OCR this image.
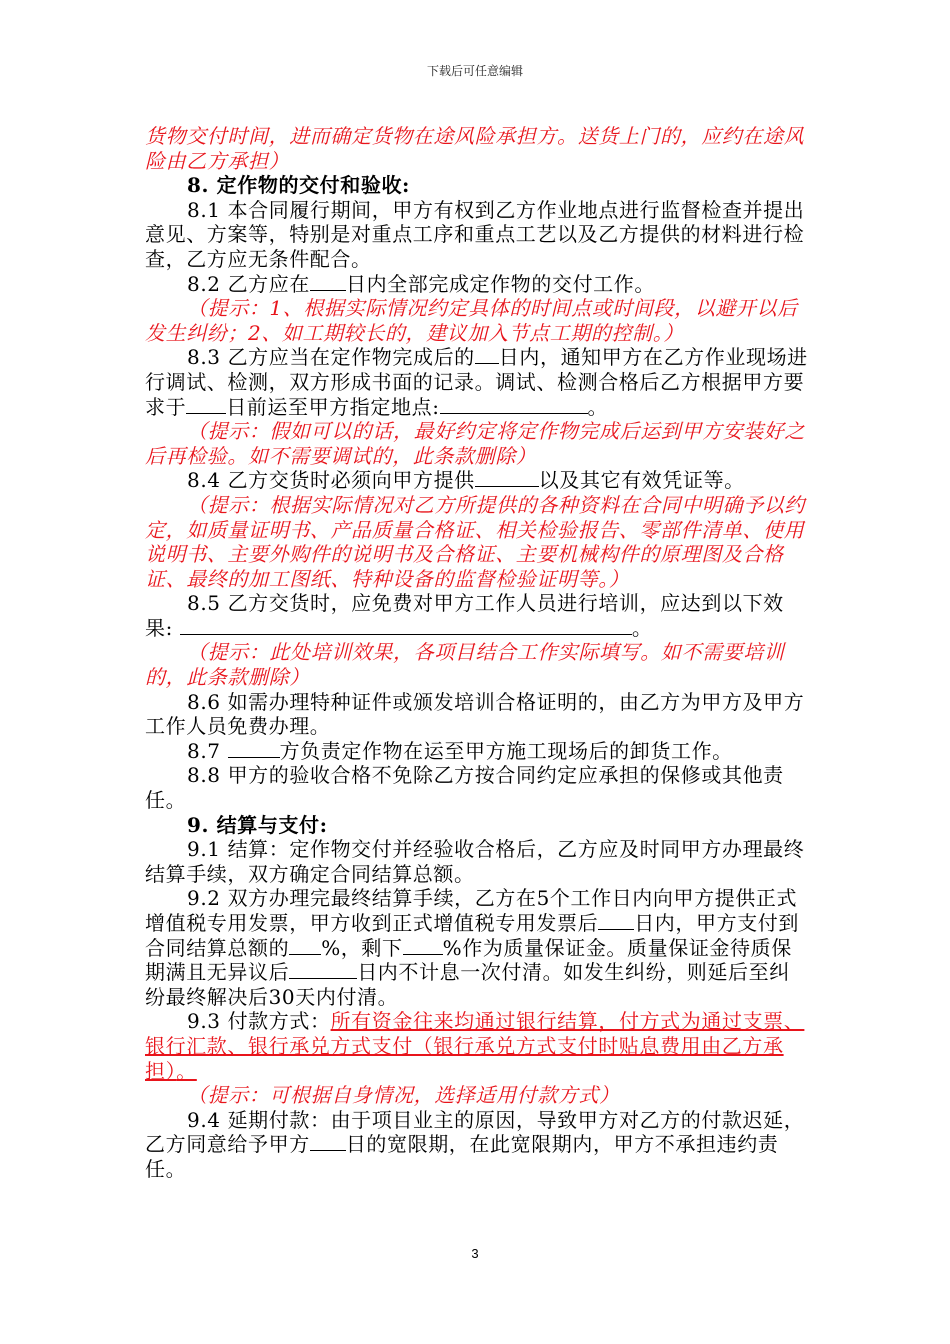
下载后可任意编辑

货物交付时间，进而确定货物在途风险承担方。送货上门的，应约在途风险由乙方承担）

8. 定作物的交付和验收:

8.1 本合同履行期间，甲方有权到乙方作业地点进行监督检查并提出意见、方案等，特别是对重点工序和重点工艺以及乙方提供的材料进行检查，乙方应无条件配合。

8.2 乙方应在 日内全部完成定作物的交付工作。

（提示：1、根据实际情况约定具体的时间点或时间段，以避开以后发生纠纷；2、如工期较长的，建议加入节点工期的控制。）

8.3 乙方应当在定作物完成后的 日内，通知甲方在乙方作业现场进行调试、检测，双方形成书面的记录。调试、检测合格后乙方根据甲方要求于 日前运至甲方指定地点:	。

（提示：假如可以的话，最好约定将定作物完成后运到甲方安装好之后再检验。如不需要调试的，此条款删除）

8.4 乙方交货时必须向甲方提供	以及其它有效凭证等。

（提示：根据实际情况对乙方所提供的各种资料在合同中明确予以约定，如质量证明书、产品质量合格证、相关检验报告、零部件清单、使用说明书、主要外购件的说明书及合格证、主要机械构件的原理图及合格证、最终的加工图纸、特种设备的监督检验证明等。）

8.5 乙方交货时，应免费对甲方工作人员进行培训，应达到以下效果:	。

（提示：此处培训效果，各项目结合工作实际填写。如不需要培训的，此条款删除）

8.6 如需办理特种证件或颁发培训合格证明的，由乙方为甲方及甲方工作人员免费办理。

8.7	方负责定作物在运至甲方施工现场后的卸货工作。

8.8 甲方的验收合格不免除乙方按合同约定应承担的保修或其他责任。

9. 结算与支付:

9.1 结算：定作物交付并经验收合格后，乙方应及时同甲方办理最终结算手续，双方确定合同结算总额。

9.2 双方办理完最终结算手续，乙方在5个工作日内向甲方提供正式增值税专用发票，甲方收到正式增值税专用发票后 日内，甲方支付到合同结算总额的 %，剩下 %作为质量保证金。质量保证金待质保期满且无异议后	日内不计息一次付清。如发生纠纷，则延后至纠纷最终解决后30天内付清。

9.3 付款方式：所有资金往来均通过银行结算，付方式为通过支票、银行汇款、银行承兑方式支付（银行承兑方式支付时贴息费用由乙方承担）。

（提示：可根据自身情况，选择适用付款方式）

9.4 延期付款：由于项目业主的原因，导致甲方对乙方的付款迟延，乙方同意给予甲方 日的宽限期，在此宽限期内，甲方不承担违约责任。

3
